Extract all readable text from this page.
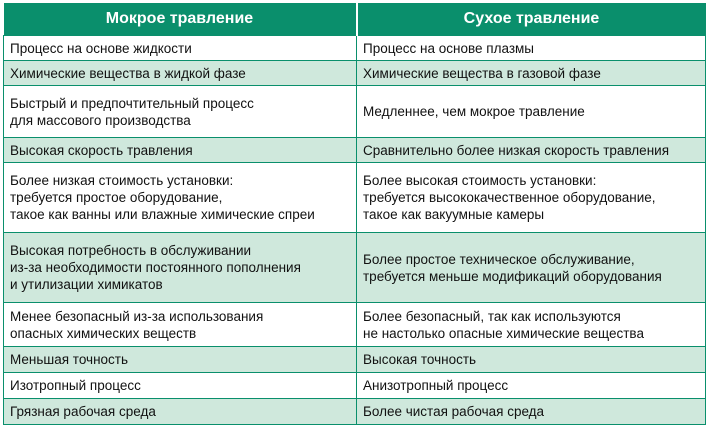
Мокрое травление	Сухое травление

Процесс на основе жидкости	Процесс на основе плазмы

Химические вещества в жидкой фазе	Химические вещества в газовой фазе

Быстрый и предпочтительный процесс
для массового производства	Медленнее, чем мокрое травление

Высокая скорость травления	Сравнительно более низкая скорость травления

Более низкая стоимость установки:
требуется простое оборудование,
такое как ванны или влажные химические спреи	Более высокая стоимость установки:
требуется высококачественное оборудование,
такое как вакуумные камеры

Высокая потребность в обслуживании
из-за необходимости постоянного пополнения
и утилизации химикатов	Более простое техническое обслуживание,
требуется меньше модификаций оборудования

Менее безопасный из-за использования
опасных химических веществ	Более безопасный, так как используются
не настолько опасные химические вещества

Меньшая точность	Высокая точность

Изотропный процесс	Анизотропный процесс

Грязная рабочая среда	Более чистая рабочая среда
